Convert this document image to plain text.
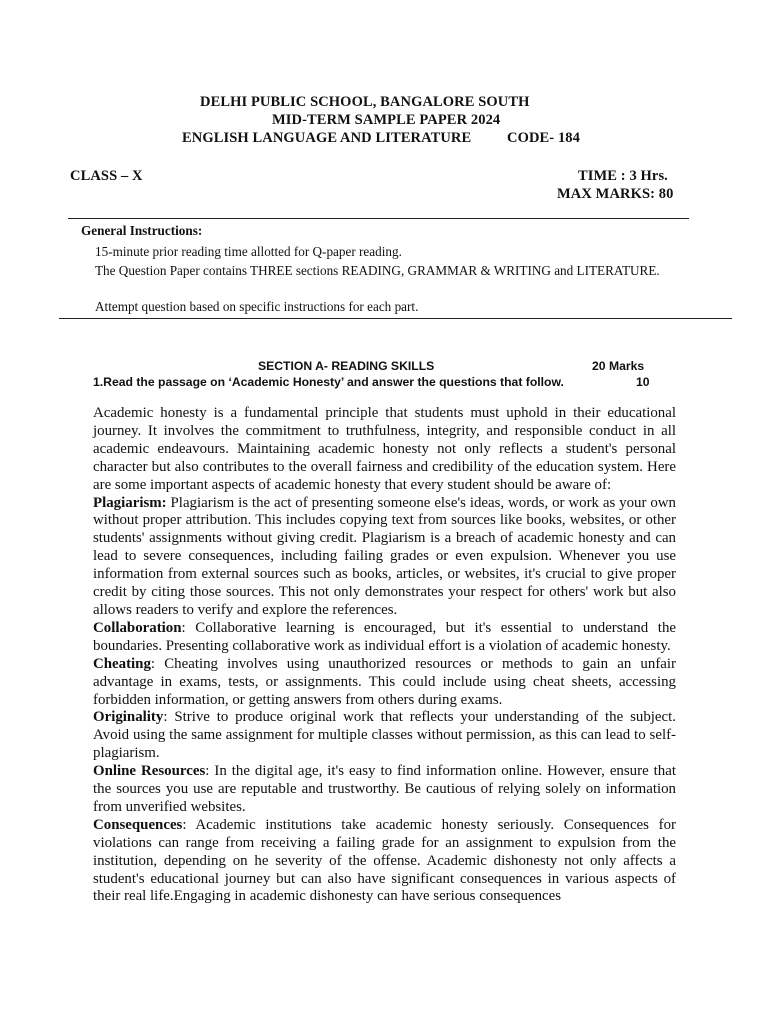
DELHI PUBLIC SCHOOL, BANGALORE SOUTH
MID-TERM SAMPLE PAPER 2024
ENGLISH LANGUAGE AND LITERATURE CODE- 184
CLASS – X	TIME : 3 Hrs.
MAX MARKS: 80
General Instructions:
15-minute prior reading time allotted for Q-paper reading.
The Question Paper contains THREE sections READING, GRAMMAR & WRITING and LITERATURE.
Attempt question based on specific instructions for each part.
SECTION A- READING SKILLS	20 Marks
1.Read the passage on ‘Academic Honesty’ and answer the questions that follow.	10

Academic honesty is a fundamental principle that students must uphold in their educational journey. It involves the commitment to truthfulness, integrity, and responsible conduct in all academic endeavours. Maintaining academic honesty not only reflects a student's personal character but also contributes to the overall fairness and credibility of the education system. Here are some important aspects of academic honesty that every student should be aware of:

Plagiarism: Plagiarism is the act of presenting someone else's ideas, words, or work as your own without proper attribution. This includes copying text from sources like books, websites, or other students' assignments without giving credit. Plagiarism is a breach of academic honesty and can lead to severe consequences, including failing grades or even expulsion. Whenever you use information from external sources such as books, articles, or websites, it's crucial to give proper credit by citing those sources. This not only demonstrates your respect for others' work but also allows readers to verify and explore the references.

Collaboration: Collaborative learning is encouraged, but it's essential to understand the boundaries. Presenting collaborative work as individual effort is a violation of academic honesty.

Cheating: Cheating involves using unauthorized resources or methods to gain an unfair advantage in exams, tests, or assignments. This could include using cheat sheets, accessing forbidden information, or getting answers from others during exams.

Originality: Strive to produce original work that reflects your understanding of the subject. Avoid using the same assignment for multiple classes without permission, as this can lead to self-plagiarism.

Online Resources: In the digital age, it's easy to find information online. However, ensure that the sources you use are reputable and trustworthy. Be cautious of relying solely on information from unverified websites.

Consequences: Academic institutions take academic honesty seriously. Consequences for violations can range from receiving a failing grade for an assignment to expulsion from the institution, depending on he severity of the offense. Academic dishonesty not only affects a student's educational journey but can also have significant consequences in various aspects of their real life.Engaging in academic dishonesty can have serious consequences
